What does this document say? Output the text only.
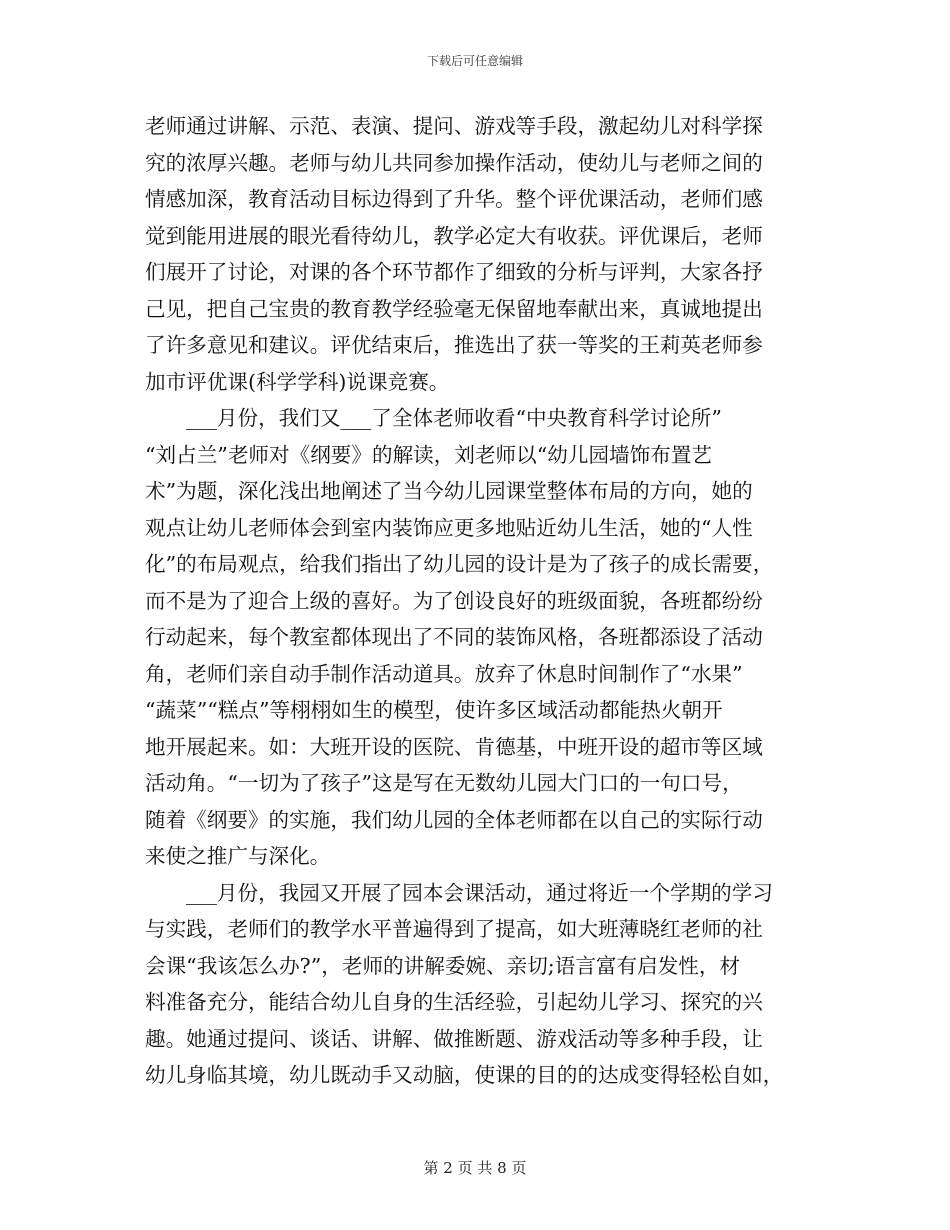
下载后可任意编辑
老师通过讲解、示范、表演、提问、游戏等手段，激起幼儿对科学探
究的浓厚兴趣。老师与幼儿共同参加操作活动，使幼儿与老师之间的
情感加深，教育活动目标边得到了升华。整个评优课活动，老师们感
觉到能用进展的眼光看待幼儿，教学必定大有收获。评优课后，老师
们展开了讨论，对课的各个环节都作了细致的分析与评判，大家各抒
己见，把自己宝贵的教育教学经验毫无保留地奉献出来，真诚地提出
了许多意见和建议。评优结束后，推选出了获一等奖的王莉英老师参
加市评优课(科学学科)说课竞赛。
___月份，我们又___了全体老师收看“中央教育科学讨论所”
“刘占兰”老师对《纲要》的解读，刘老师以“幼儿园墙饰布置艺
术”为题，深化浅出地阐述了当今幼儿园课堂整体布局的方向，她的
观点让幼儿老师体会到室内装饰应更多地贴近幼儿生活，她的“人性
化”的布局观点，给我们指出了幼儿园的设计是为了孩子的成长需要，
而不是为了迎合上级的喜好。为了创设良好的班级面貌，各班都纷纷
行动起来，每个教室都体现出了不同的装饰风格，各班都添设了活动
角，老师们亲自动手制作活动道具。放弃了休息时间制作了“水果”
“蔬菜”“糕点”等栩栩如生的模型，使许多区域活动都能热火朝开
地开展起来。如：大班开设的医院、肯德基，中班开设的超市等区域
活动角。“一切为了孩子”这是写在无数幼儿园大门口的一句口号，
随着《纲要》的实施，我们幼儿园的全体老师都在以自己的实际行动
来使之推广与深化。
___月份，我园又开展了园本会课活动，通过将近一个学期的学习
与实践，老师们的教学水平普遍得到了提高，如大班薄晓红老师的社
会课“我该怎么办?”，老师的讲解委婉、亲切;语言富有启发性，材
料准备充分，能结合幼儿自身的生活经验，引起幼儿学习、探究的兴
趣。她通过提问、谈话、讲解、做推断题、游戏活动等多种手段，让
幼儿身临其境，幼儿既动手又动脑，使课的目的的达成变得轻松自如，
第 2 页 共 8 页
